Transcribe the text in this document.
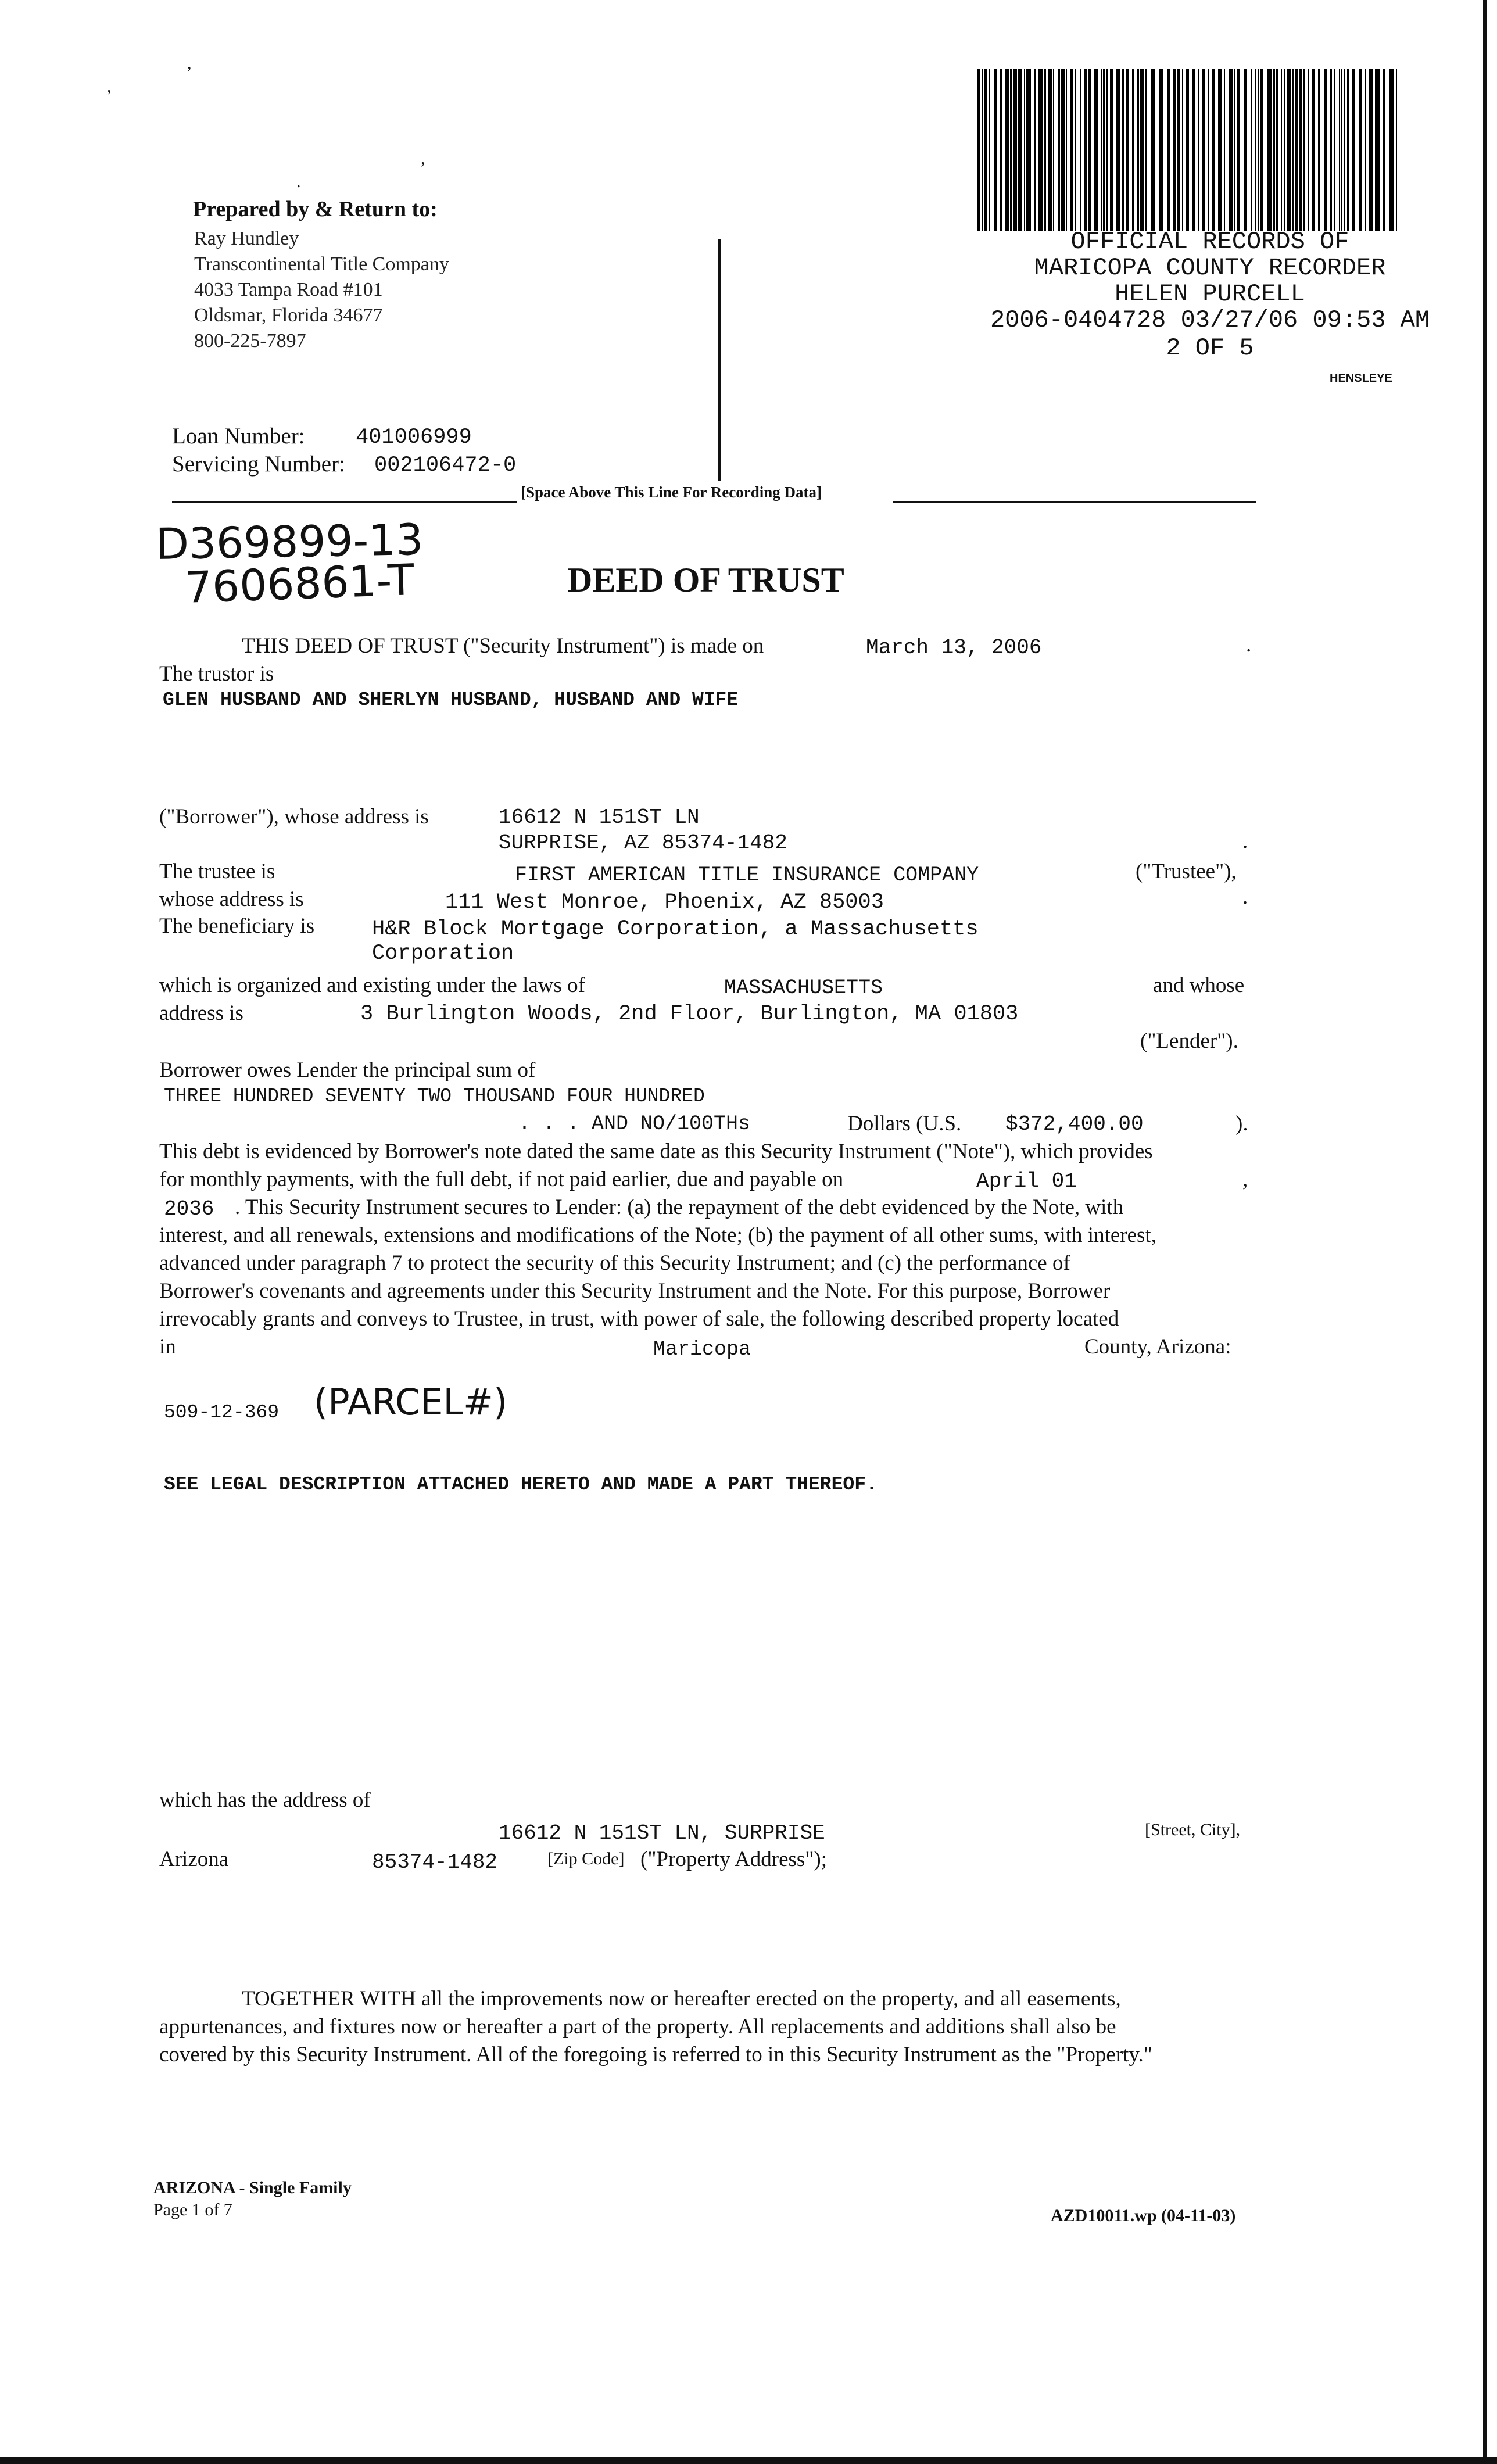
,
,
,
.
Prepared by & Return to:
Ray Hundley
Transcontinental Title Company
4033 Tampa Road #101
Oldsmar, Florida 34677
800-225-7897
OFFICIAL RECORDS OF
MARICOPA COUNTY RECORDER
HELEN PURCELL
2006-0404728 03/27/06 09:53 AM
2 OF 5
HENSLEYE
Loan Number: 401006999
Servicing Number: 002106472-0
[Space Above This Line For Recording Data]
D369899-13
7606861-T	DEED OF TRUST
THIS DEED OF TRUST ("Security Instrument") is made on	March 13, 2006	.
The trustor is
GLEN HUSBAND AND SHERLYN HUSBAND, HUSBAND AND WIFE
("Borrower"), whose address is	16612 N 151ST LN
SURPRISE, AZ 85374-1482	.
The trustee is	FIRST AMERICAN TITLE INSURANCE COMPANY	("Trustee"),
whose address is	111 West Monroe, Phoenix, AZ 85003	.
The beneficiary is	H&R Block Mortgage Corporation, a Massachusetts
Corporation
which is organized and existing under the laws of	MASSACHUSETTS	and whose
address is	3 Burlington Woods, 2nd Floor, Burlington, MA 01803
("Lender").
Borrower owes Lender the principal sum of
THREE HUNDRED SEVENTY TWO THOUSAND FOUR HUNDRED
. . . AND NO/100THs	Dollars (U.S. $372,400.00	).
This debt is evidenced by Borrower's note dated the same date as this Security Instrument ("Note"), which provides
for monthly payments, with the full debt, if not paid earlier, due and payable on	April 01	,
2036 . This Security Instrument secures to Lender: (a) the repayment of the debt evidenced by the Note, with
interest, and all renewals, extensions and modifications of the Note; (b) the payment of all other sums, with interest,
advanced under paragraph 7 to protect the security of this Security Instrument; and (c) the performance of
Borrower's covenants and agreements under this Security Instrument and the Note. For this purpose, Borrower
irrevocably grants and conveys to Trustee, in trust, with power of sale, the following described property located
in	Maricopa	County, Arizona:
509-12-369 (PARCEL#)
SEE LEGAL DESCRIPTION ATTACHED HERETO AND MADE A PART THEREOF.
which has the address of
16612 N 151ST LN, SURPRISE	[Street, City],
Arizona	85374-1482	[Zip Code] ("Property Address");
TOGETHER WITH all the improvements now or hereafter erected on the property, and all easements,
appurtenances, and fixtures now or hereafter a part of the property. All replacements and additions shall also be
covered by this Security Instrument. All of the foregoing is referred to in this Security Instrument as the "Property."
ARIZONA - Single Family
Page 1 of 7	AZD10011.wp (04-11-03)
